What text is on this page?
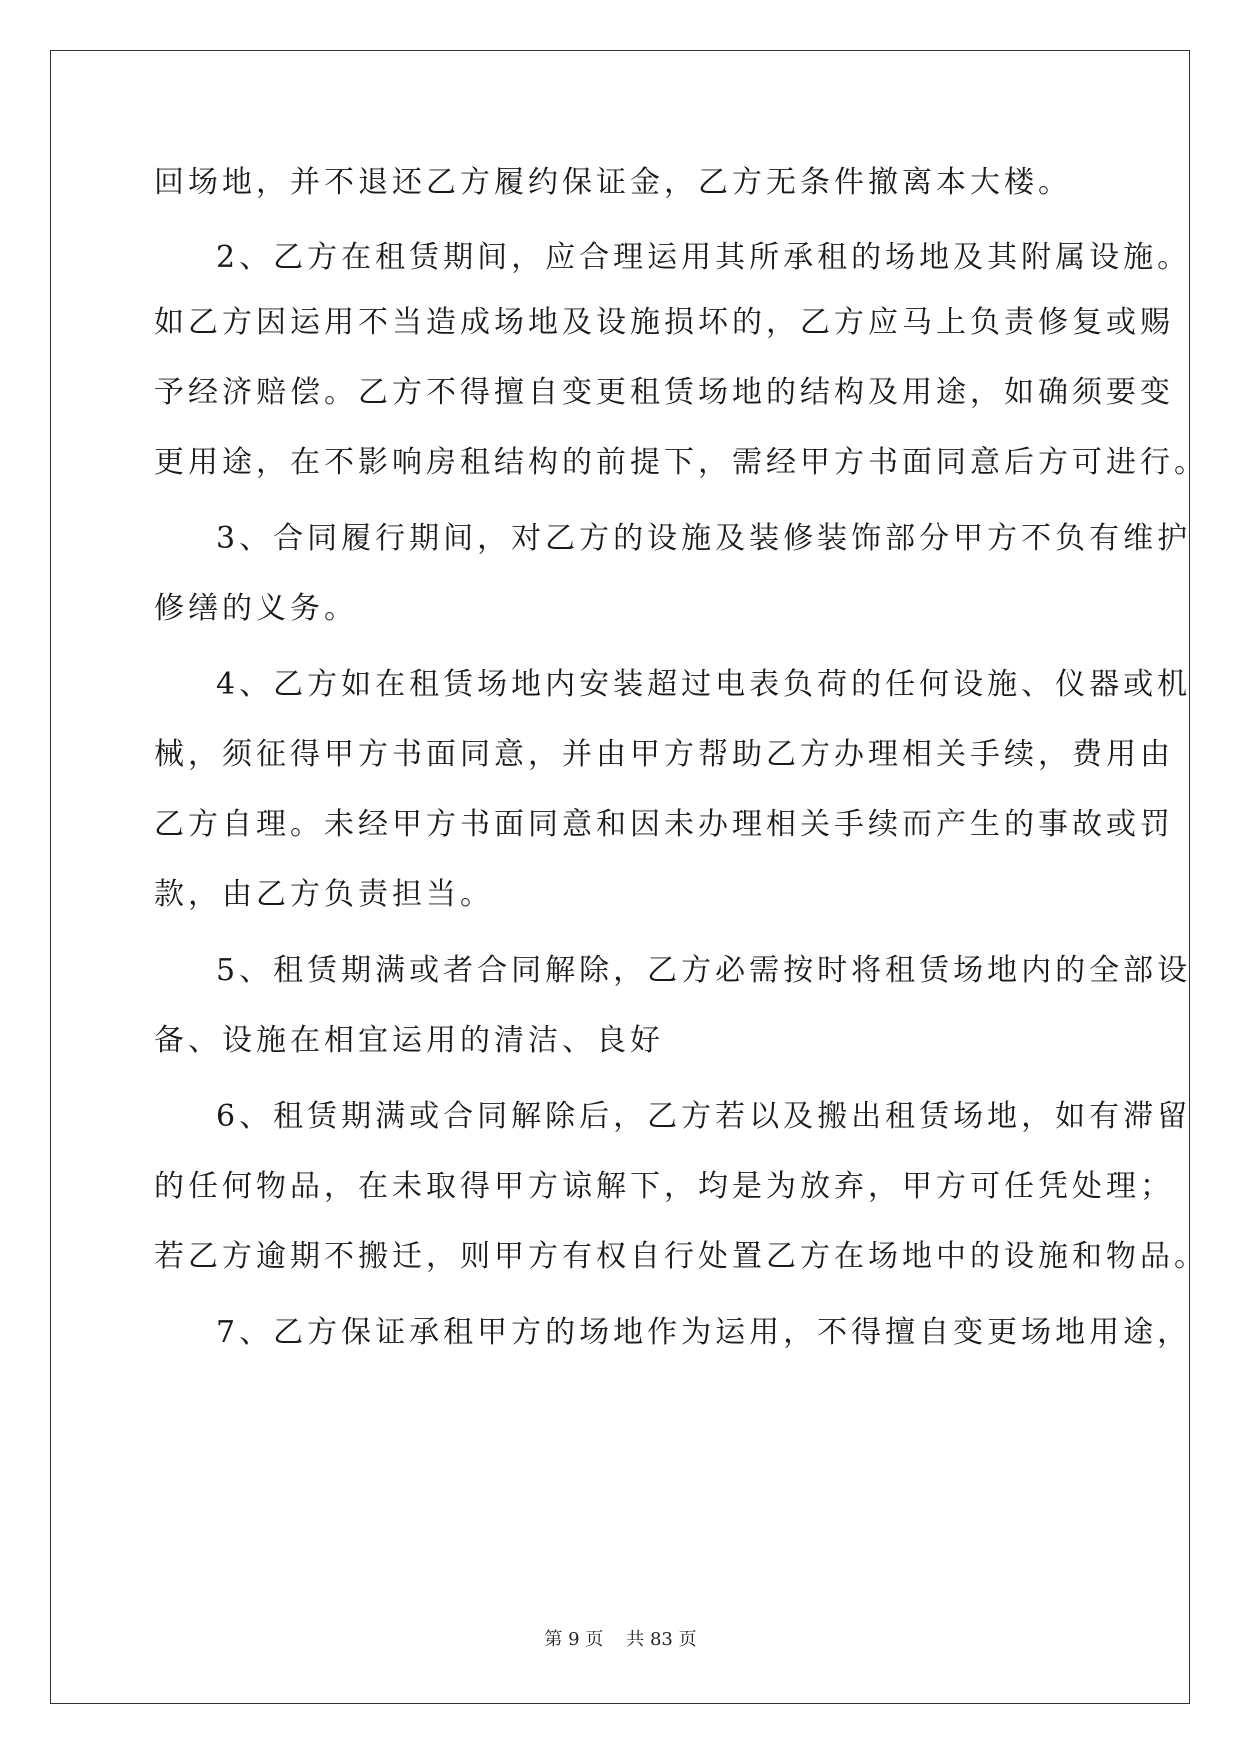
回场地，并不退还乙方履约保证金，乙方无条件撤离本大楼。
2、乙方在租赁期间，应合理运用其所承租的场地及其附属设施。
如乙方因运用不当造成场地及设施损坏的，乙方应马上负责修复或赐
予经济赔偿。乙方不得擅自变更租赁场地的结构及用途，如确须要变
更用途，在不影响房租结构的前提下，需经甲方书面同意后方可进行。
3、合同履行期间，对乙方的设施及装修装饰部分甲方不负有维护
修缮的义务。
4、乙方如在租赁场地内安装超过电表负荷的任何设施、仪器或机
械，须征得甲方书面同意，并由甲方帮助乙方办理相关手续，费用由
乙方自理。未经甲方书面同意和因未办理相关手续而产生的事故或罚
款，由乙方负责担当。
5、租赁期满或者合同解除，乙方必需按时将租赁场地内的全部设
备、设施在相宜运用的清洁、良好
6、租赁期满或合同解除后，乙方若以及搬出租赁场地，如有滞留
的任何物品，在未取得甲方谅解下，均是为放弃，甲方可任凭处理；
若乙方逾期不搬迁，则甲方有权自行处置乙方在场地中的设施和物品。
7、乙方保证承租甲方的场地作为运用，不得擅自变更场地用途，
第 9 页 共 83 页
